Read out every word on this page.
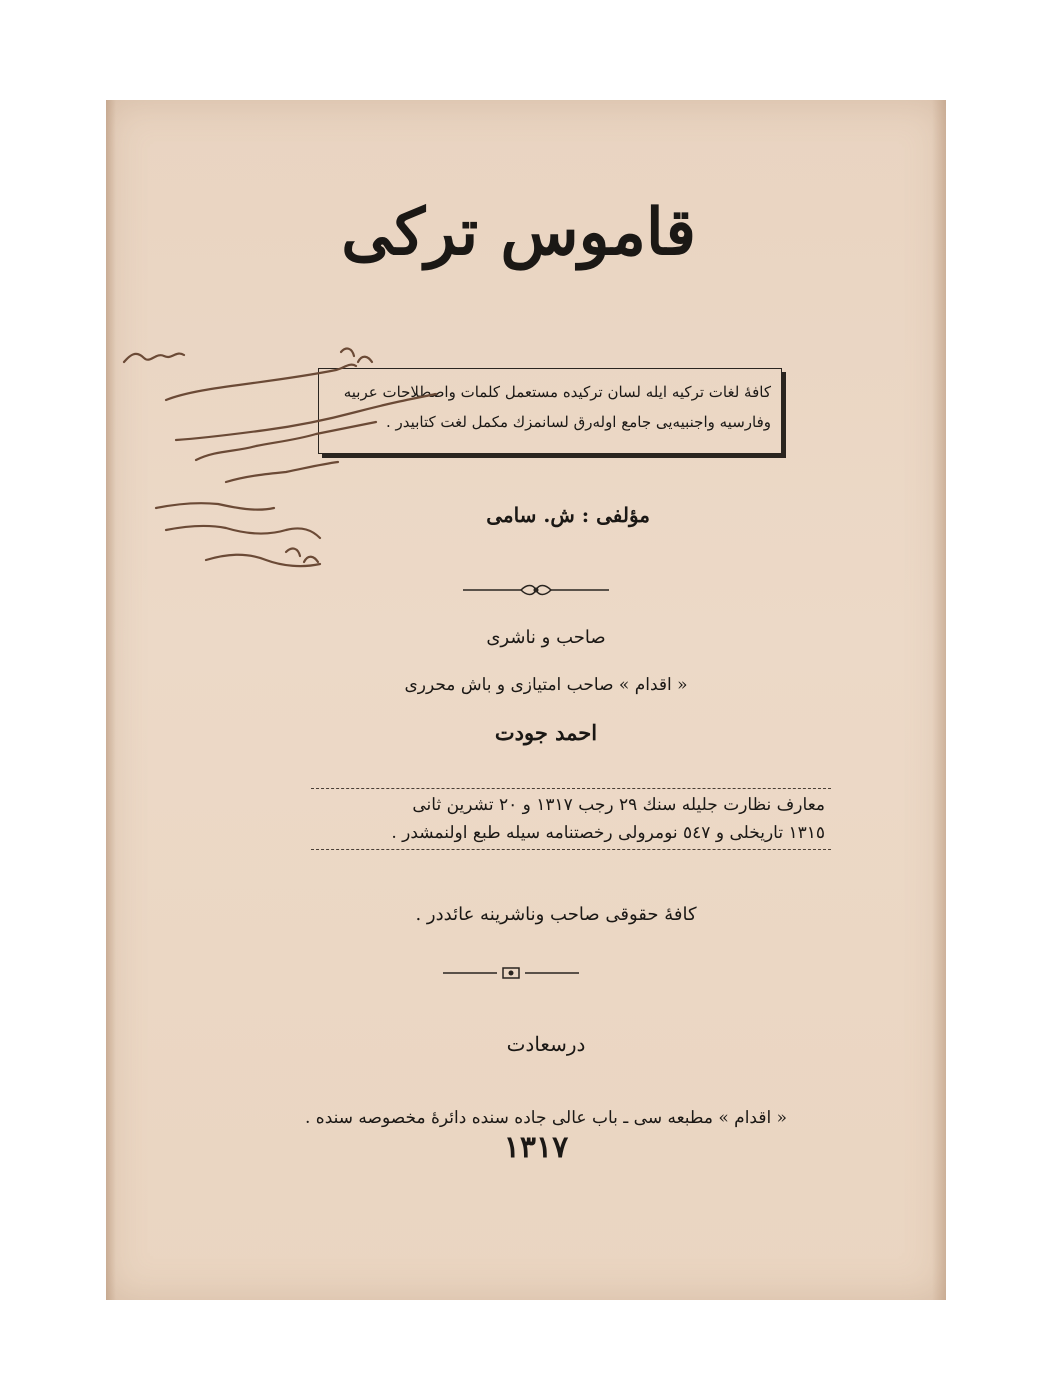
قاموس تركى
كافهٔ لغات تركيه ايله لسان تركيده مستعمل كلمات واصطلاحات عربيه
وفارسيه واجنبيه‌يى جامع اوله‌رق لسانمزك مكمل لغت كتابيدر .
مؤلفى : ش. سامى
صاحب و ناشرى
« اقدام » صاحب امتيازى و باش محررى
احمد جودت
معارف نظارت جليله سنك ٢٩ رجب ١٣١٧ و ٢٠ تشرين ثانى
١٣١٥ تاريخلى و ٥٤٧ نومرولى رخصتنامه سيله طبع اولنمشدر .
كافهٔ حقوقى صاحب وناشرينه عائددر .
درسعادت
« اقدام » مطبعه سى ـ باب عالى جاده سنده دائرهٔ مخصوصه سنده .
١٣١٧
